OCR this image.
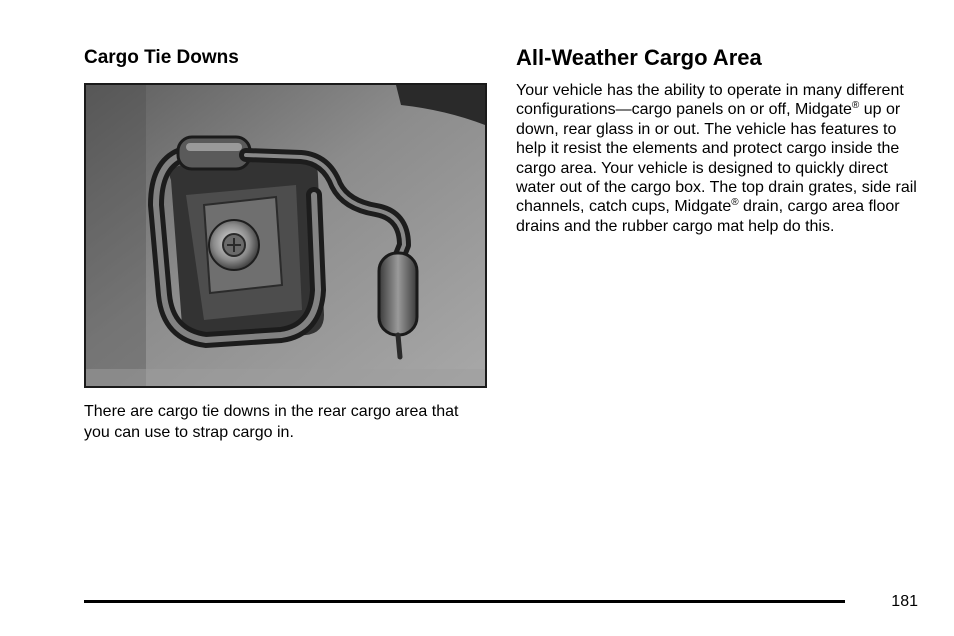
Cargo Tie Downs

There are cargo tie downs in the rear cargo area that you can use to strap cargo in.

All-Weather Cargo Area

Your vehicle has the ability to operate in many different configurations—cargo panels on or off, Midgate® up or down, rear glass in or out. The vehicle has features to help it resist the elements and protect cargo inside the cargo area. Your vehicle is designed to quickly direct water out of the cargo box. The top drain grates, side rail channels, catch cups, Midgate® drain, cargo area floor drains and the rubber cargo mat help do this.

181
